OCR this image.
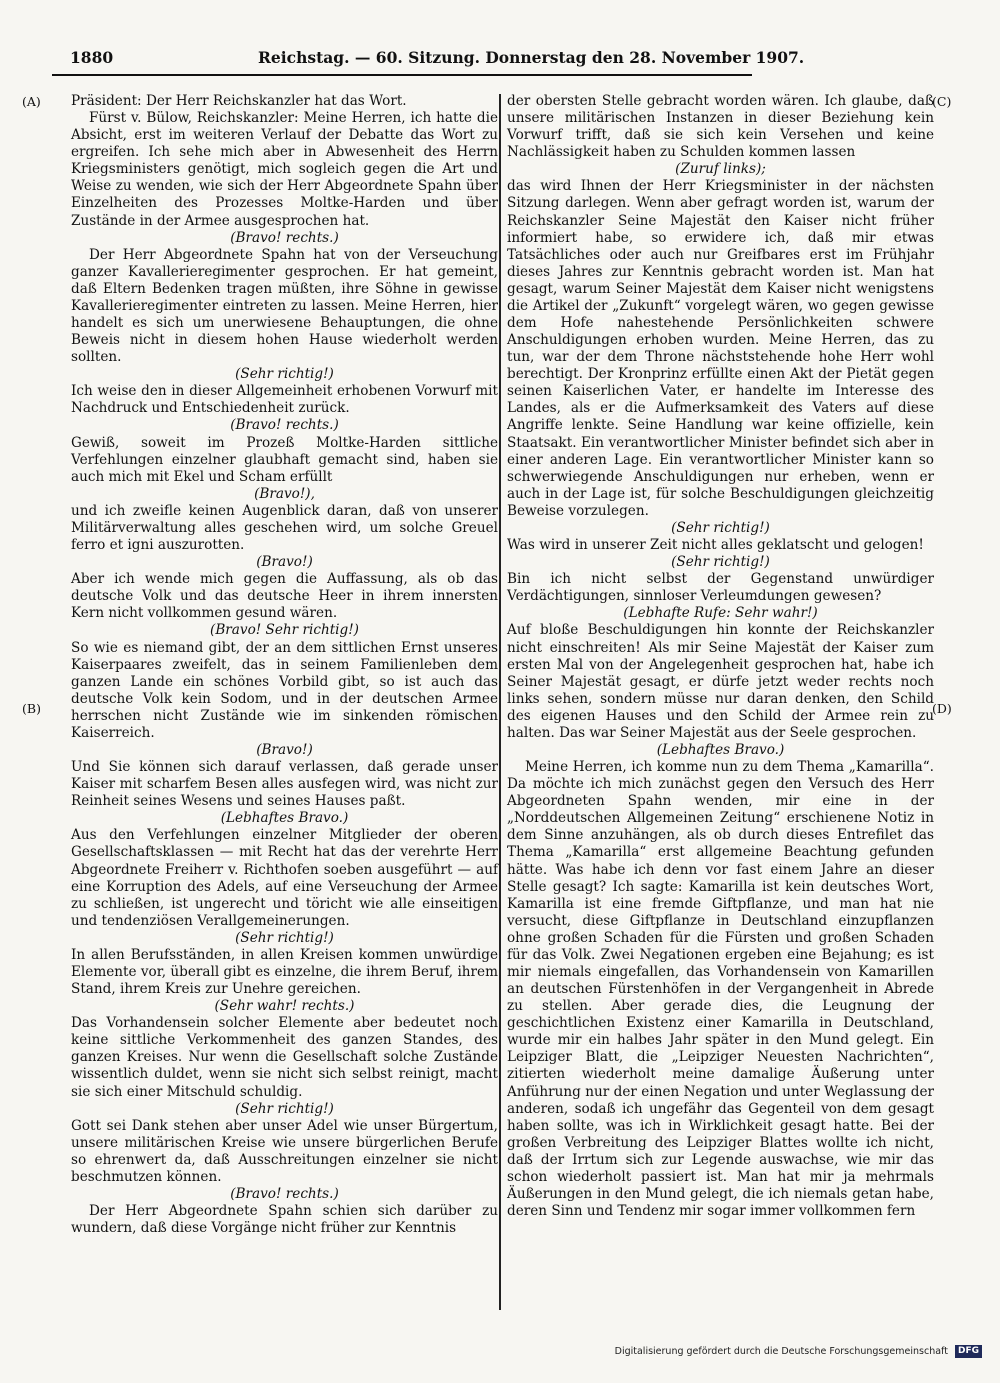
1880	Reichstag. — 60. Sitzung. Donnerstag den 28. November 1907.
(A)
(B)
(C)
(D)

Präsident: Der Herr Reichskanzler hat das Wort.

Fürst v. Bülow, Reichskanzler: Meine Herren, ich hatte die Absicht, erst im weiteren Verlauf der Debatte das Wort zu ergreifen. Ich sehe mich aber in Abwesenheit des Herrn Kriegsministers genötigt, mich sogleich gegen die Art und Weise zu wenden, wie sich der Herr Abgeordnete Spahn über Einzelheiten des Prozesses Moltke-Harden und über Zustände in der Armee ausgesprochen hat.

(Bravo! rechts.)

Der Herr Abgeordnete Spahn hat von der Verseuchung ganzer Kavallerieregimenter gesprochen. Er hat gemeint, daß Eltern Bedenken tragen müßten, ihre Söhne in gewisse Kavallerieregimenter eintreten zu lassen. Meine Herren, hier handelt es sich um unerwiesene Behauptungen, die ohne Beweis nicht in diesem hohen Hause wiederholt werden sollten.

(Sehr richtig!)

Ich weise den in dieser Allgemeinheit erhobenen Vorwurf mit Nachdruck und Entschiedenheit zurück.

(Bravo! rechts.)

Gewiß, soweit im Prozeß Moltke-Harden sittliche Verfehlungen einzelner glaubhaft gemacht sind, haben sie auch mich mit Ekel und Scham erfüllt

(Bravo!),

und ich zweifle keinen Augenblick daran, daß von unserer Militärverwaltung alles geschehen wird, um solche Greuel ferro et igni auszurotten.

(Bravo!)

Aber ich wende mich gegen die Auffassung, als ob das deutsche Volk und das deutsche Heer in ihrem innersten Kern nicht vollkommen gesund wären.

(Bravo! Sehr richtig!)

So wie es niemand gibt, der an dem sittlichen Ernst unseres Kaiserpaares zweifelt, das in seinem Familienleben dem ganzen Lande ein schönes Vorbild gibt, so ist auch das deutsche Volk kein Sodom, und in der deutschen Armee herrschen nicht Zustände wie im sinkenden römischen Kaiserreich.

(Bravo!)

Und Sie können sich darauf verlassen, daß gerade unser Kaiser mit scharfem Besen alles ausfegen wird, was nicht zur Reinheit seines Wesens und seines Hauses paßt.

(Lebhaftes Bravo.)

Aus den Verfehlungen einzelner Mitglieder der oberen Gesellschaftsklassen — mit Recht hat das der verehrte Herr Abgeordnete Freiherr v. Richthofen soeben ausgeführt — auf eine Korruption des Adels, auf eine Verseuchung der Armee zu schließen, ist ungerecht und töricht wie alle einseitigen und tendenziösen Verallgemeinerungen.

(Sehr richtig!)

In allen Berufsständen, in allen Kreisen kommen unwürdige Elemente vor, überall gibt es einzelne, die ihrem Beruf, ihrem Stand, ihrem Kreis zur Unehre gereichen.

(Sehr wahr! rechts.)

Das Vorhandensein solcher Elemente aber bedeutet noch keine sittliche Verkommenheit des ganzen Standes, des ganzen Kreises. Nur wenn die Gesellschaft solche Zustände wissentlich duldet, wenn sie nicht sich selbst reinigt, macht sie sich einer Mitschuld schuldig.

(Sehr richtig!)

Gott sei Dank stehen aber unser Adel wie unser Bürgertum, unsere militärischen Kreise wie unsere bürgerlichen Berufe so ehrenwert da, daß Ausschreitungen einzelner sie nicht beschmutzen können.

(Bravo! rechts.)

Der Herr Abgeordnete Spahn schien sich darüber zu wundern, daß diese Vorgänge nicht früher zur Kenntnis

der obersten Stelle gebracht worden wären. Ich glaube, daß unsere militärischen Instanzen in dieser Beziehung kein Vorwurf trifft, daß sie sich kein Versehen und keine Nachlässigkeit haben zu Schulden kommen lassen

(Zuruf links);

das wird Ihnen der Herr Kriegsminister in der nächsten Sitzung darlegen. Wenn aber gefragt worden ist, warum der Reichskanzler Seine Majestät den Kaiser nicht früher informiert habe, so erwidere ich, daß mir etwas Tatsächliches oder auch nur Greifbares erst im Frühjahr dieses Jahres zur Kenntnis gebracht worden ist. Man hat gesagt, warum Seiner Majestät dem Kaiser nicht wenigstens die Artikel der „Zukunft“ vorgelegt wären, wo gegen gewisse dem Hofe nahestehende Persönlichkeiten schwere Anschuldigungen erhoben wurden. Meine Herren, das zu tun, war der dem Throne nächststehende hohe Herr wohl berechtigt. Der Kronprinz erfüllte einen Akt der Pietät gegen seinen Kaiserlichen Vater, er handelte im Interesse des Landes, als er die Aufmerksamkeit des Vaters auf diese Angriffe lenkte. Seine Handlung war keine offizielle, kein Staatsakt. Ein verantwortlicher Minister befindet sich aber in einer anderen Lage. Ein verantwortlicher Minister kann so schwerwiegende Anschuldigungen nur erheben, wenn er auch in der Lage ist, für solche Beschuldigungen gleichzeitig Beweise vorzulegen.

(Sehr richtig!)

Was wird in unserer Zeit nicht alles geklatscht und gelogen!

(Sehr richtig!)

Bin ich nicht selbst der Gegenstand unwürdiger Verdächtigungen, sinnloser Verleumdungen gewesen?

(Lebhafte Rufe: Sehr wahr!)

Auf bloße Beschuldigungen hin konnte der Reichskanzler nicht einschreiten! Als mir Seine Majestät der Kaiser zum ersten Mal von der Angelegenheit gesprochen hat, habe ich Seiner Majestät gesagt, er dürfe jetzt weder rechts noch links sehen, sondern müsse nur daran denken, den Schild des eigenen Hauses und den Schild der Armee rein zu halten. Das war Seiner Majestät aus der Seele gesprochen.

(Lebhaftes Bravo.)

Meine Herren, ich komme nun zu dem Thema „Kamarilla“. Da möchte ich mich zunächst gegen den Versuch des Herr Abgeordneten Spahn wenden, mir eine in der „Norddeutschen Allgemeinen Zeitung“ erschienene Notiz in dem Sinne anzuhängen, als ob durch dieses Entrefilet das Thema „Kamarilla“ erst allgemeine Beachtung gefunden hätte. Was habe ich denn vor fast einem Jahre an dieser Stelle gesagt? Ich sagte: Kamarilla ist kein deutsches Wort, Kamarilla ist eine fremde Giftpflanze, und man hat nie versucht, diese Giftpflanze in Deutschland einzupflanzen ohne großen Schaden für die Fürsten und großen Schaden für das Volk. Zwei Negationen ergeben eine Bejahung; es ist mir niemals eingefallen, das Vorhandensein von Kamarillen an deutschen Fürstenhöfen in der Vergangenheit in Abrede zu stellen. Aber gerade dies, die Leugnung der geschichtlichen Existenz einer Kamarilla in Deutschland, wurde mir ein halbes Jahr später in den Mund gelegt. Ein Leipziger Blatt, die „Leipziger Neuesten Nachrichten“, zitierten wiederholt meine damalige Äußerung unter Anführung nur der einen Negation und unter Weglassung der anderen, sodaß ich ungefähr das Gegenteil von dem gesagt haben sollte, was ich in Wirklichkeit gesagt hatte. Bei der großen Verbreitung des Leipziger Blattes wollte ich nicht, daß der Irrtum sich zur Legende auswachse, wie mir das schon wiederholt passiert ist. Man hat mir ja mehrmals Äußerungen in den Mund gelegt, die ich niemals getan habe, deren Sinn und Tendenz mir sogar immer vollkommen fern

Digitalisierung gefördert durch die Deutsche Forschungsgemeinschaft DFG
